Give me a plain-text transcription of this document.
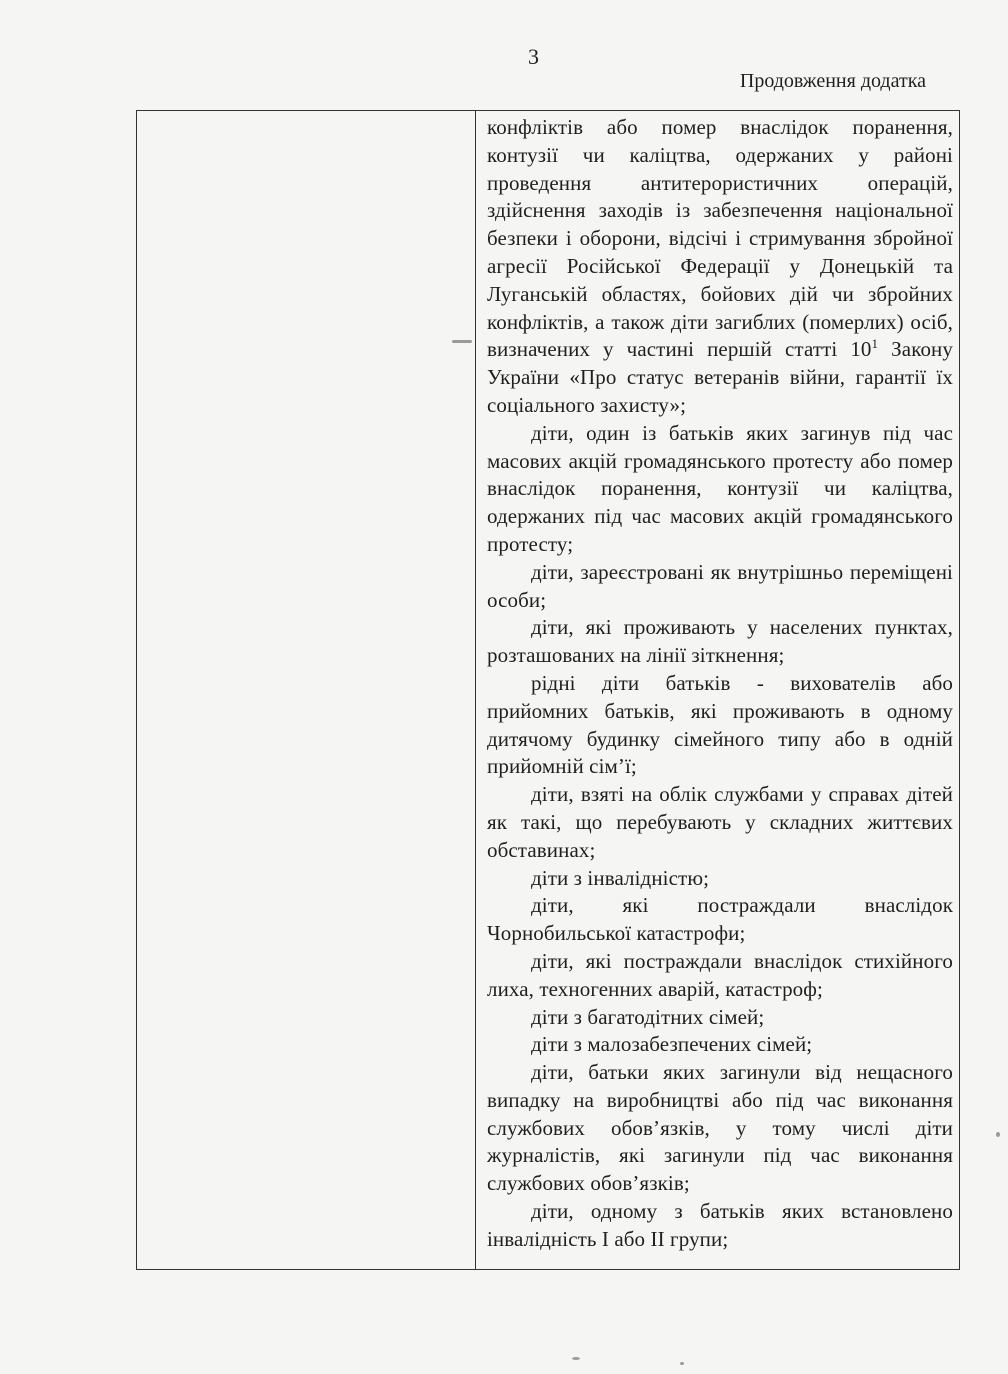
3
Продовження додатка

конфліктів або помер внаслідок поранення, контузії чи каліцтва, одержаних у районі проведення антитерористичних операцій, здійснення заходів із забезпечення національної безпеки і оборони, відсічі і стримування збройної агресії Російської Федерації у Донецькій та Луганській областях, бойових дій чи збройних конфліктів, а також діти загиблих (померлих) осіб, визначених у частині першій статті $10^1$ Закону України «Про статус ветеранів війни, гарантії їх соціального захисту»;

діти, один із батьків яких загинув під час масових акцій громадянського протесту або помер внаслідок поранення, контузії чи каліцтва, одержаних під час масових акцій громадянського протесту;

діти, зареєстровані як внутрішньо переміщені особи;

діти, які проживають у населених пунктах, розташованих на лінії зіткнення;

рідні діти батьків - вихователів або прийомних батьків, які проживають в одному дитячому будинку сімейного типу або в одній прийомній сім’ї;

діти, взяті на облік службами у справах дітей як такі, що перебувають у складних життєвих обставинах;

діти з інвалідністю;

діти, які постраждали внаслідок Чорнобильської катастрофи;

діти, які постраждали внаслідок стихійного лиха, техногенних аварій, катастроф;

діти з багатодітних сімей;

діти з малозабезпечених сімей;

діти, батьки яких загинули від нещасного випадку на виробництві або під час виконання службових обов’язків, у тому числі діти журналістів, які загинули під час виконання службових обов’язків;

діти, одному з батьків яких встановлено інвалідність I або II групи;
